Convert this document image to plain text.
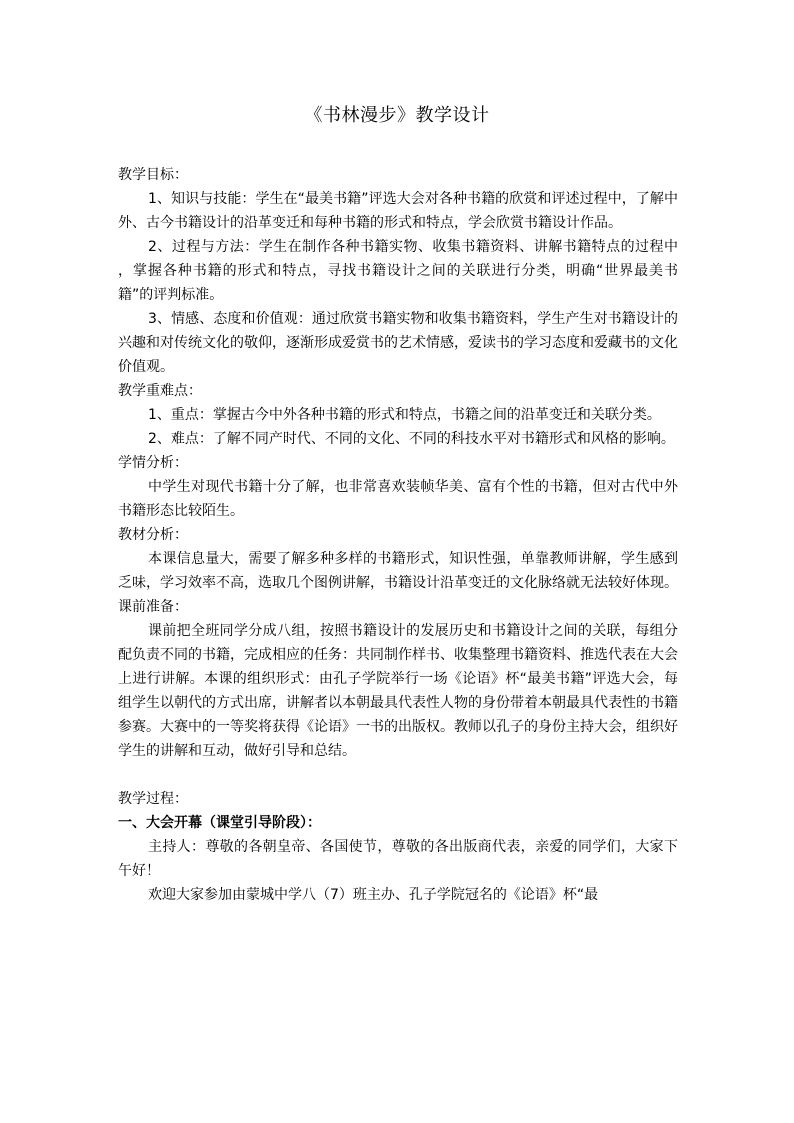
《书林漫步》教学设计

教学目标：

1、知识与技能：学生在“最美书籍”评选大会对各种书籍的欣赏和评述过程中，了解中外、古今书籍设计的沿革变迁和每种书籍的形式和特点，学会欣赏书籍设计作品。

2、过程与方法：学生在制作各种书籍实物、收集书籍资料、讲解书籍特点的过程中 ，掌握各种书籍的形式和特点，寻找书籍设计之间的关联进行分类，明确“世界最美书籍”的评判标准。

3、情感、态度和价值观：通过欣赏书籍实物和收集书籍资料，学生产生对书籍设计的兴趣和对传统文化的敬仰，逐渐形成爱赏书的艺术情感，爱读书的学习态度和爱藏书的文化价值观。

教学重难点：

1、重点：掌握古今中外各种书籍的形式和特点，书籍之间的沿革变迁和关联分类。

2、难点：了解不同产时代、不同的文化、不同的科技水平对书籍形式和风格的影响。

学情分析：

中学生对现代书籍十分了解，也非常喜欢装帧华美、富有个性的书籍，但对古代中外书籍形态比较陌生。

教材分析：

本课信息量大，需要了解多种多样的书籍形式，知识性强，单靠教师讲解，学生感到乏味，学习效率不高，选取几个图例讲解，书籍设计沿革变迁的文化脉络就无法较好体现。

课前准备：

课前把全班同学分成八组，按照书籍设计的发展历史和书籍设计之间的关联，每组分配负责不同的书籍，完成相应的任务：共同制作样书、收集整理书籍资料、推选代表在大会上进行讲解。本课的组织形式：由孔子学院举行一场《论语》杯“最美书籍”评选大会，每组学生以朝代的方式出席，讲解者以本朝最具代表性人物的身份带着本朝最具代表性的书籍参赛。大赛中的一等奖将获得《论语》一书的出版权。教师以孔子的身份主持大会，组织好学生的讲解和互动，做好引导和总结。

教学过程：

一、大会开幕（课堂引导阶段）：

主持人：尊敬的各朝皇帝、各国使节，尊敬的各出版商代表，亲爱的同学们，大家下午好！

欢迎大家参加由蒙城中学八（7）班主办、孔子学院冠名的《论语》杯“最
